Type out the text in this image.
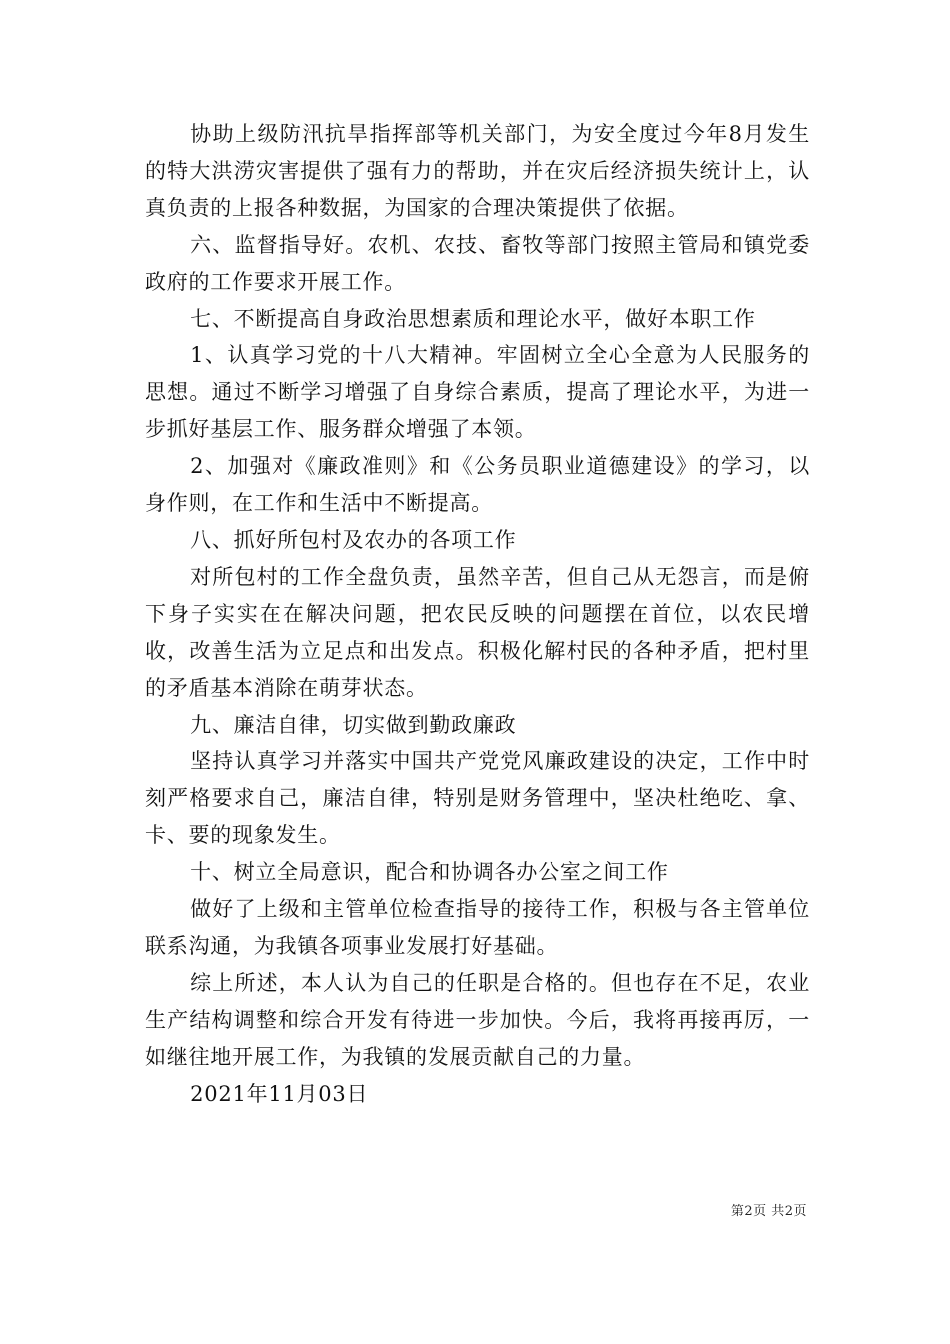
协助上级防汛抗旱指挥部等机关部门，为安全度过今年8月发生的特大洪涝灾害提供了强有力的帮助，并在灾后经济损失统计上，认真负责的上报各种数据，为国家的合理决策提供了依据。

六、监督指导好。农机、农技、畜牧等部门按照主管局和镇党委政府的工作要求开展工作。

七、不断提高自身政治思想素质和理论水平，做好本职工作

1、认真学习党的十八大精神。牢固树立全心全意为人民服务的思想。通过不断学习增强了自身综合素质，提高了理论水平，为进一步抓好基层工作、服务群众增强了本领。

2、加强对《廉政准则》和《公务员职业道德建设》的学习，以身作则，在工作和生活中不断提高。

八、抓好所包村及农办的各项工作

对所包村的工作全盘负责，虽然辛苦，但自己从无怨言，而是俯下身子实实在在解决问题，把农民反映的问题摆在首位，以农民增收，改善生活为立足点和出发点。积极化解村民的各种矛盾，把村里的矛盾基本消除在萌芽状态。

九、廉洁自律，切实做到勤政廉政

坚持认真学习并落实中国共产党党风廉政建设的决定，工作中时刻严格要求自己，廉洁自律，特别是财务管理中，坚决杜绝吃、拿、卡、要的现象发生。

十、树立全局意识，配合和协调各办公室之间工作

做好了上级和主管单位检查指导的接待工作，积极与各主管单位联系沟通，为我镇各项事业发展打好基础。

综上所述，本人认为自己的任职是合格的。但也存在不足，农业生产结构调整和综合开发有待进一步加快。今后，我将再接再厉，一如继往地开展工作，为我镇的发展贡献自己的力量。

2021年11月03日

第2页 共2页
